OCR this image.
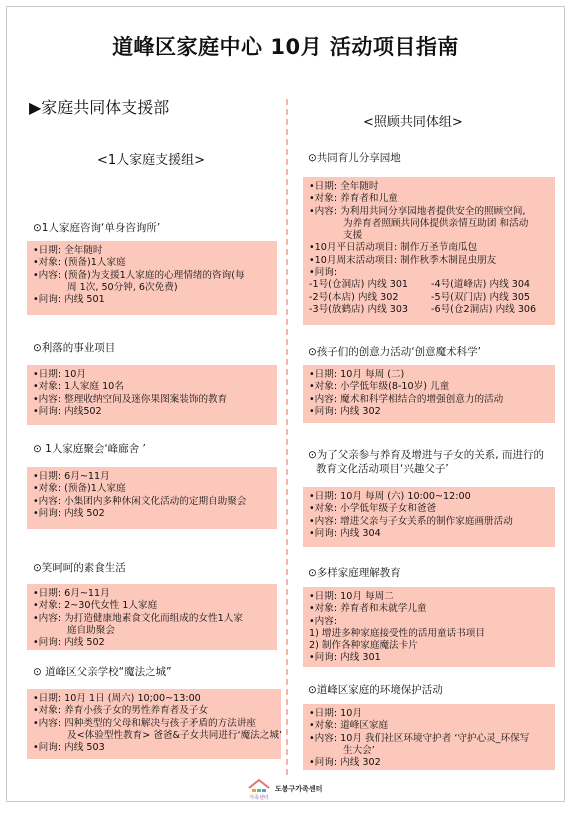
道峰区家庭中心 10月 活动项目指南
▶家庭共同体支援部
<1人家庭支援组>
⊙1人家庭咨询‘单身咨询所’
•日期: 全年随时
•对象: (预备)1人家庭
•内容: (预备)为支援1人家庭的心理情绪的咨询(每
周 1次, 50分钟, 6次免费)
•问询: 内线 501
⊙利落的事业项目
•日期: 10月
•对象: 1人家庭 10名
•内容: 整理收纳空间及迷你果图案装饰的教育
•问询: 内线502
⊙ 1人家庭聚会‘峰廊舍 ’
•日期: 6月~11月
•对象: (预备)1人家庭
•内容: 小集团内多种休闲文化活动的定期自助聚会
•问询: 内线 502
⊙笑呵呵的素食生活
•日期: 6月~11月
•对象: 2~30代女性 1人家庭
•内容: 为打造健康地素食文化而组成的女性1人家
庭自助聚会
•问询: 内线 502
⊙ 道峰区父亲学校“魔法之城”
•日期: 10月 1日 (周六) 10;00~13:00
•对象: 养育小孩子女的男性养育者及子女
•内容: 四种类型的父母和解决与孩子矛盾的方法讲座
及<体验型性教育> 爸爸&子女共同进行‘魔法之城’
•问询: 内线 503
<照顾共同体组>
⊙共同育儿分享园地
•日期: 全年随时
•对象: 养育者和儿童
•内容: 为利用共同分享园地者提供安全的照顾空间,
为养育者照顾共同体提供亲情互助团 和活动
支援
•10月平日活动项目: 制作万圣节南瓜包
•10月周末活动项目: 制作秋季木制昆虫朋友
•问询:
-1号(仓洞店) 内线 301	-4号(道峰店) 内线 304
-2号(本店) 内线 302	-5号(双门店) 内线 305
-3号(放鹤店) 内线 303	-6号(仓2洞店) 内线 306
⊙孩子们的创意力活动‘创意魔术科学’
•日期: 10月 每周 (二)
•对象: 小学低年级(8-10岁) 儿童
•内容: 魔术和科学相结合的增强创意力的活动
•问询: 内线 302
⊙为了父亲参与养育及增进与子女的关系, 而进行的
教育文化活动项目‘兴趣父子’
•日期: 10月 每周 (六) 10:00~12:00
•对象: 小学低年级子女和爸爸
•内容: 增进父亲与子女关系的制作家庭画册活动
•问询: 内线 304
⊙多样家庭理解教育
•日期: 10月 每周二
•对象: 养育者和未就学儿童
•内容:
1) 增进多种家庭接受性的活用童话书项目
2) 制作各种家庭魔法卡片
•问询: 内线 301
⊙道峰区家庭的环境保护活动
•日期: 10月
•对象: 道峰区家庭
•内容: 10月 我们社区环境守护者 ‘守护心灵_环保写
生大会’
•问询: 内线 302
가족센터
도봉구가족센터
